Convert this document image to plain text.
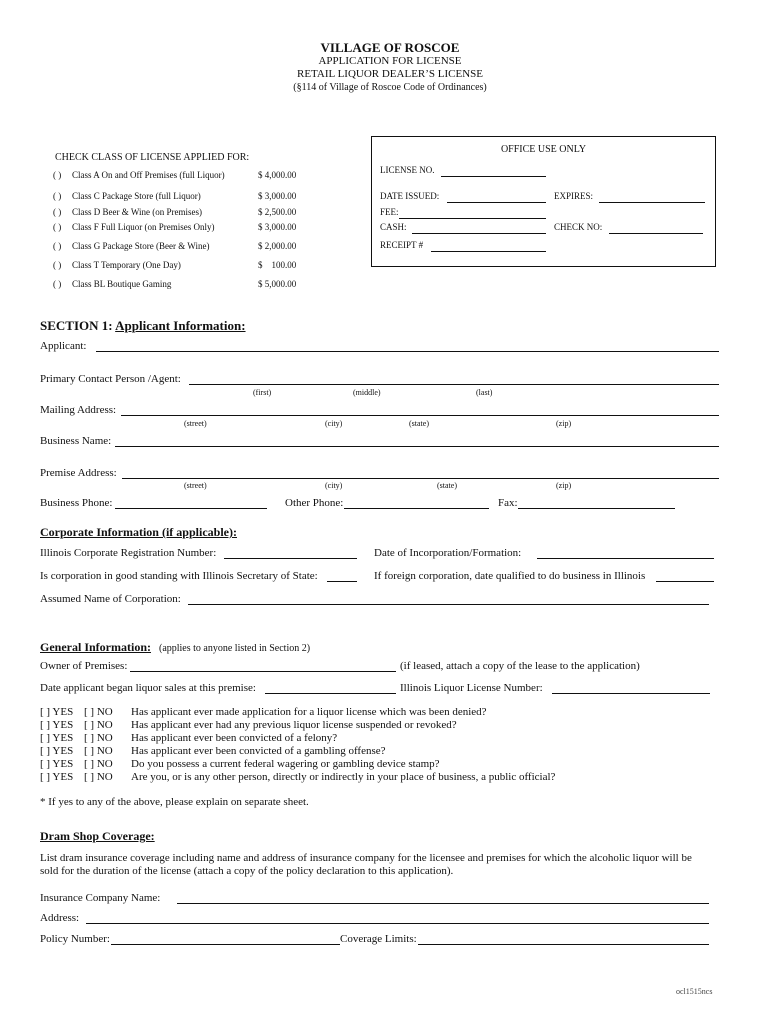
VILLAGE OF ROSCOE
APPLICATION FOR LICENSE
RETAIL LIQUOR DEALER’S LICENSE
(§114 of Village of Roscoe Code of Ordinances)
CHECK CLASS OF LICENSE APPLIED FOR:
( ) Class A On and Off Premises (full Liquor)	$ 4,000.00
( ) Class C Package Store (full Liquor)	$ 3,000.00
( ) Class D Beer & Wine (on Premises)	$ 2,500.00
( ) Class F Full Liquor (on Premises Only)	$ 3,000.00
( ) Class G Package Store (Beer & Wine)	$ 2,000.00
( ) Class T Temporary (One Day)	$    100.00
( ) Class BL Boutique Gaming	$ 5,000.00
OFFICE USE ONLY
LICENSE NO.
DATE ISSUED:	EXPIRES:
FEE:
CASH:	CHECK NO:
RECEIPT #
SECTION 1: Applicant Information:
Applicant:
Primary Contact Person /Agent:
(first)	(middle)	(last)
Mailing Address:
(street)	(city)	(state)	(zip)
Business Name:
Premise Address:
(street)	(city)	(state)	(zip)
Business Phone:	Other Phone:	Fax:
Corporate Information (if applicable):
Illinois Corporate Registration Number:	Date of Incorporation/Formation:
Is corporation in good standing with Illinois Secretary of State:	If foreign corporation, date qualified to do business in Illinois
Assumed Name of Corporation:
General Information: (applies to anyone listed in Section 2)
Owner of Premises:	(if leased, attach a copy of the lease to the application)
Date applicant began liquor sales at this premise:	Illinois Liquor License Number:
[ ] YES [ ] NO Has applicant ever made application for a liquor license which was been denied?
[ ] YES [ ] NO Has applicant ever had any previous liquor license suspended or revoked?
[ ] YES [ ] NO Has applicant ever been convicted of a felony?
[ ] YES [ ] NO Has applicant ever been convicted of a gambling offense?
[ ] YES [ ] NO Do you possess a current federal wagering or gambling device stamp?
[ ] YES [ ] NO Are you, or is any other person, directly or indirectly in your place of business, a public official?
* If yes to any of the above, please explain on separate sheet.
Dram Shop Coverage:
List dram insurance coverage including name and address of insurance company for the licensee and premises for which the alcoholic liquor will be
sold for the duration of the license (attach a copy of the policy declaration to this application).
Insurance Company Name:
Address:
Policy Number:	Coverage Limits:
ocl1515ncs
